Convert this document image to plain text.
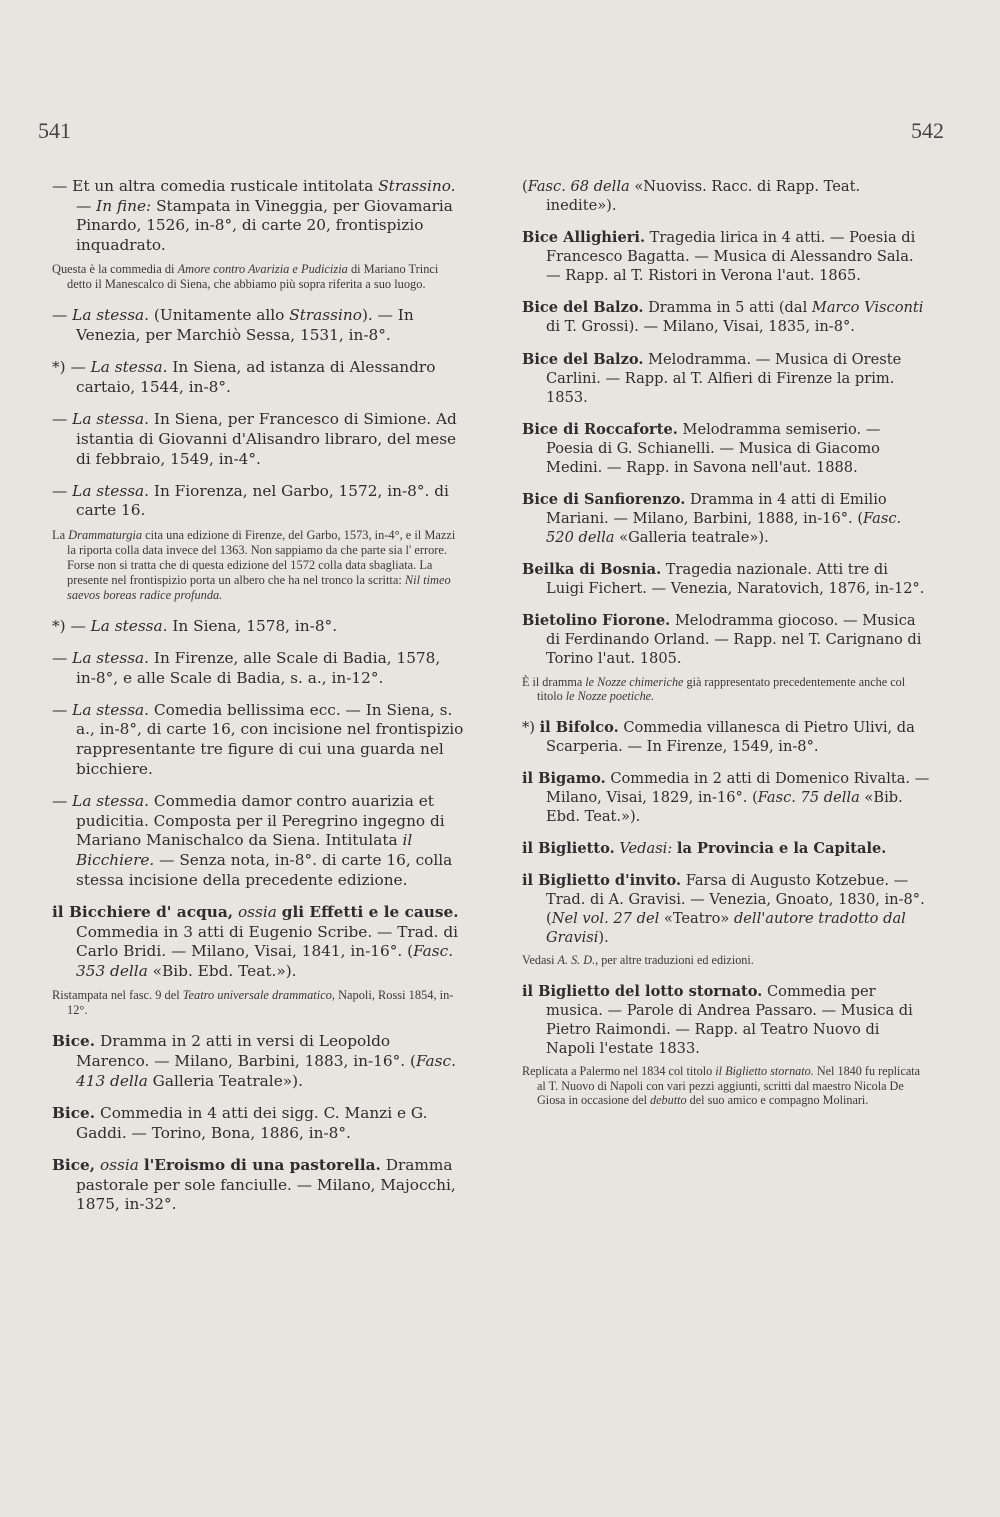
541	542

— Et un altra comedia rusticale intitolata Strassino. — In fine: Stampata in Vineggia, per Giovamaria Pinardo, 1526, in-8°, di carte 20, frontispizio inquadrato.

Questa è la commedia di Amore contro Avarizia e Pudicizia di Mariano Trinci detto il Manescalco di Siena, che abbiamo più sopra riferita a suo luogo.

— La stessa. (Unitamente allo Strassino). — In Venezia, per Marchiò Sessa, 1531, in-8°.

*) — La stessa. In Siena, ad istanza di Alessandro cartaio, 1544, in-8°.

— La stessa. In Siena, per Francesco di Simione. Ad istantia di Giovanni d'Alisandro libraro, del mese di febbraio, 1549, in-4°.

— La stessa. In Fiorenza, nel Garbo, 1572, in-8°. di carte 16.

La Drammaturgia cita una edizione di Firenze, del Garbo, 1573, in-4°, e il Mazzi la riporta colla data invece del 1363. Non sappiamo da che parte sia l' errore. Forse non si tratta che di questa edizione del 1572 colla data sbagliata. La presente nel frontispizio porta un albero che ha nel tronco la scritta: Nil timeo saevos boreas radice profunda.

*) — La stessa. In Siena, 1578, in-8°.

— La stessa. In Firenze, alle Scale di Badia, 1578, in-8°, e alle Scale di Badia, s. a., in-12°.

— La stessa. Comedia bellissima ecc. — In Siena, s. a., in-8°, di carte 16, con incisione nel frontispizio rappresentante tre figure di cui una guarda nel bicchiere.

— La stessa. Commedia damor contro auarizia et pudicitia. Composta per il Peregrino ingegno di Mariano Manischalco da Siena. Intitulata il Bicchiere. — Senza nota, in-8°. di carte 16, colla stessa incisione della precedente edizione.

il Bicchiere d' acqua, ossia gli Effetti e le cause. Commedia in 3 atti di Eugenio Scribe. — Trad. di Carlo Bridi. — Milano, Visai, 1841, in-16°. (Fasc. 353 della «Bib. Ebd. Teat.»).

Ristampata nel fasc. 9 del Teatro universale drammatico, Napoli, Rossi 1854, in-12°.

Bice. Dramma in 2 atti in versi di Leopoldo Marenco. — Milano, Barbini, 1883, in-16°. (Fasc. 413 della Galleria Teatrale»).

Bice. Commedia in 4 atti dei sigg. C. Manzi e G. Gaddi. — Torino, Bona, 1886, in-8°.

Bice, ossia l'Eroismo di una pastorella. Dramma pastorale per sole fanciulle. — Milano, Majocchi, 1875, in-32°.

(Fasc. 68 della «Nuoviss. Racc. di Rapp. Teat. inedite»).

Bice Allighieri. Tragedia lirica in 4 atti. — Poesia di Francesco Bagatta. — Musica di Alessandro Sala. — Rapp. al T. Ristori in Verona l'aut. 1865.

Bice del Balzo. Dramma in 5 atti (dal Marco Visconti di T. Grossi). — Milano, Visai, 1835, in-8°.

Bice del Balzo. Melodramma. — Musica di Oreste Carlini. — Rapp. al T. Alfieri di Firenze la prim. 1853.

Bice di Roccaforte. Melodramma semiserio. — Poesia di G. Schianelli. — Musica di Giacomo Medini. — Rapp. in Savona nell'aut. 1888.

Bice di Sanfiorenzo. Dramma in 4 atti di Emilio Mariani. — Milano, Barbini, 1888, in-16°. (Fasc. 520 della «Galleria teatrale»).

Beilka di Bosnia. Tragedia nazionale. Atti tre di Luigi Fichert. — Venezia, Naratovich, 1876, in-12°.

Bietolino Fiorone. Melodramma giocoso. — Musica di Ferdinando Orland. — Rapp. nel T. Carignano di Torino l'aut. 1805.

È il dramma le Nozze chimeriche già rappresentato precedentemente anche col titolo le Nozze poetiche.

*) il Bifolco. Commedia villanesca di Pietro Ulivi, da Scarperia. — In Firenze, 1549, in-8°.

il Bigamo. Commedia in 2 atti di Domenico Rivalta. — Milano, Visai, 1829, in-16°. (Fasc. 75 della «Bib. Ebd. Teat.»).

il Biglietto. Vedasi: la Provincia e la Capitale.

il Biglietto d'invito. Farsa di Augusto Kotzebue. — Trad. di A. Gravisi. — Venezia, Gnoato, 1830, in-8°. (Nel vol. 27 del «Teatro» dell'autore tradotto dal Gravisi).

Vedasi A. S. D., per altre traduzioni ed edizioni.

il Biglietto del lotto stornato. Commedia per musica. — Parole di Andrea Passaro. — Musica di Pietro Raimondi. — Rapp. al Teatro Nuovo di Napoli l'estate 1833.

Replicata a Palermo nel 1834 col titolo il Biglietto stornato. Nel 1840 fu replicata al T. Nuovo di Napoli con vari pezzi aggiunti, scritti dal maestro Nicola De Giosa in occasione del debutto del suo amico e compagno Molinari.
